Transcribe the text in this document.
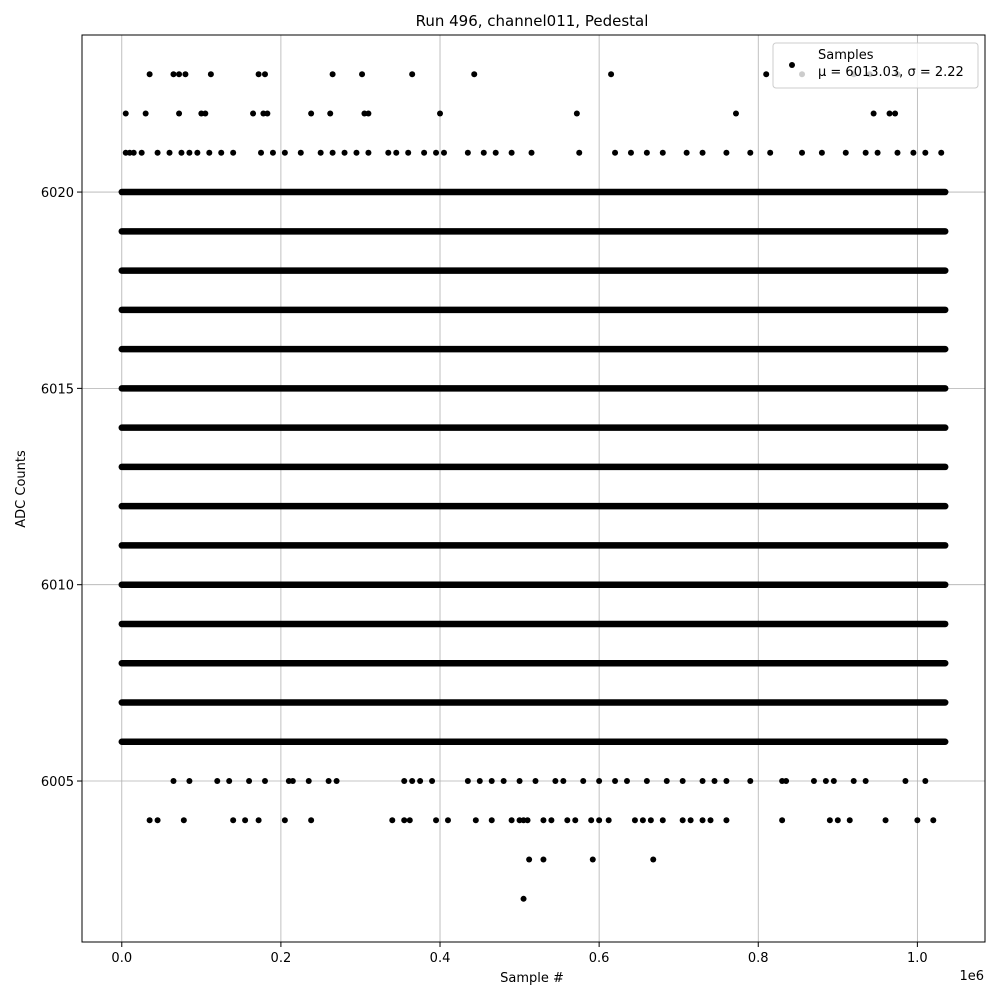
0.0	0.2	0.4	0.6	0.8	1.0
6005
6010
6015
6020
Run 496, channel011, Pedestal
Sample #
ADC Counts
1e6
Samples
μ = 6013.03, σ = 2.22
